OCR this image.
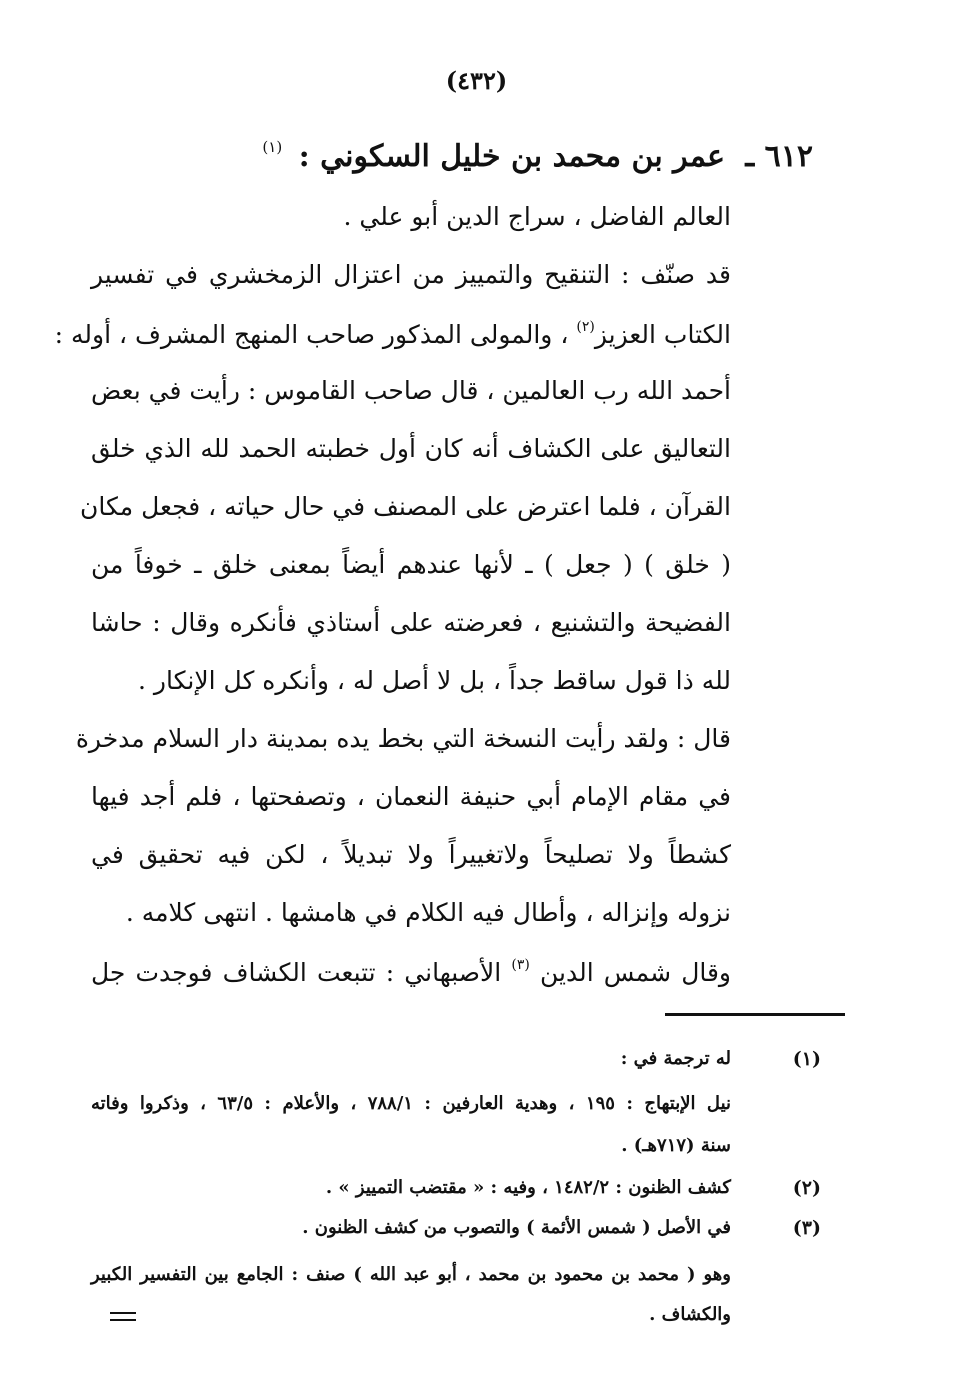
(٤٣٢)
٦١٢ ـ عمر بن محمد بن خليل السكوني : $^{(١)}$
العالم الفاضل ، سراج الدين أبو علي .
قد صنّف : التنقيح والتمييز من اعتزال الزمخشري في تفسير
الكتاب العزيز$^{(٢)}$ ، والمولى المذكور صاحب المنهج المشرف ، أوله :
أحمد الله رب العالمين ، قال صاحب القاموس : رأيت في بعض
التعاليق على الكشاف أنه كان أول خطبته الحمد لله الذي خلق
القرآن ، فلما اعترض على المصنف في حال حياته ، فجعل مكان
( خلق ) ( جعل ) ـ لأنها عندهم أيضاً بمعنى خلق ـ خوفاً من
الفضيحة والتشنيع ، فعرضته على أستاذي فأنكره وقال : حاشا
لله ذا قول ساقط جداً ، بل لا أصل له ، وأنكره كل الإنكار .
قال : ولقد رأيت النسخة التي بخط يده بمدينة دار السلام مدخرة
في مقام الإمام أبي حنيفة النعمان ، وتصفحتها ، فلم أجد فيها
كشطاً ولا تصليحاً ولاتغييراً ولا تبديلاً ، لكن فيه تحقيق في
نزوله وإنزاله ، وأطال فيه الكلام في هامشها . انتهى كلامه .
وقال شمس الدين $^{(٣)}$ الأصبهاني : تتبعت الكشاف فوجدت جل
(١)
له ترجمة في :
نيل الإبتهاج : ١٩٥ ، وهدية العارفين : ٧٨٨/١ ، والأعلام : ٦٣/٥ ، وذكروا وفاته
سنة (٧١٧هـ) .
(٢)
كشف الظنون : ١٤٨٢/٢ ، وفيه : « مقتضب التمييز » .
(٣)
في الأصل ( شمس الأئمة ) والتصوب من كشف الظنون .
وهو ( محمد بن محمود بن محمد ، أبو عبد الله ) صنف : الجامع بين التفسير الكبير
والكشاف .
